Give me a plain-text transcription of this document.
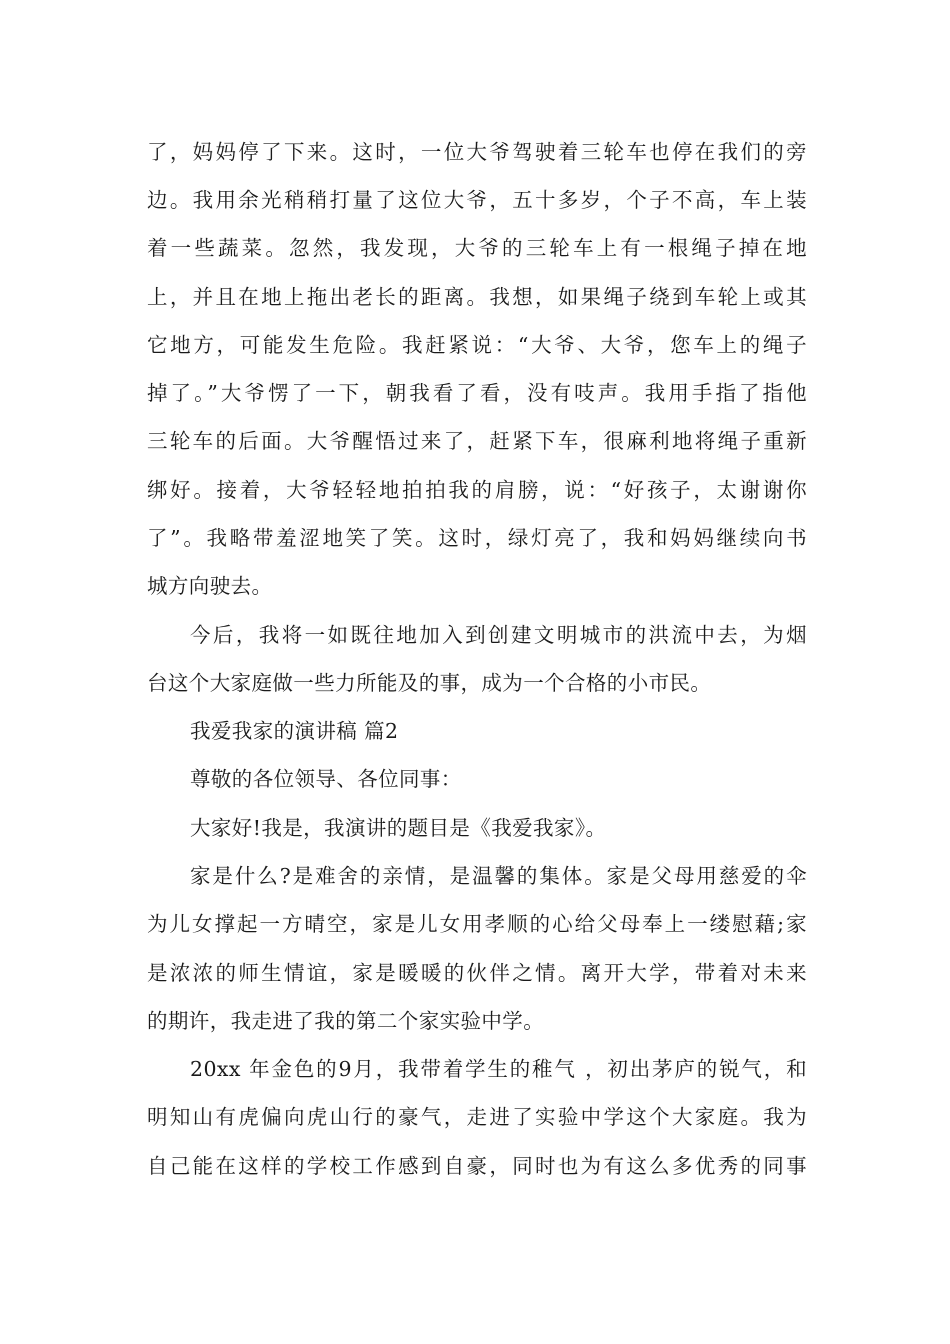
了，妈妈停了下来。这时，一位大爷驾驶着三轮车也停在我们的旁
边。我用余光稍稍打量了这位大爷，五十多岁，个子不高，车上装
着一些蔬菜。忽然，我发现，大爷的三轮车上有一根绳子掉在地
上，并且在地上拖出老长的距离。我想，如果绳子绕到车轮上或其
它地方，可能发生危险。我赶紧说：“大爷、大爷，您车上的绳子
掉了。”大爷愣了一下，朝我看了看，没有吱声。我用手指了指他
三轮车的后面。大爷醒悟过来了，赶紧下车，很麻利地将绳子重新
绑好。接着，大爷轻轻地拍拍我的肩膀，说：“好孩子，太谢谢你
了”。我略带羞涩地笑了笑。这时，绿灯亮了，我和妈妈继续向书
城方向驶去。
今后，我将一如既往地加入到创建文明城市的洪流中去，为烟
台这个大家庭做一些力所能及的事，成为一个合格的小市民。
我爱我家的演讲稿 篇2
尊敬的各位领导、各位同事：
大家好!我是，我演讲的题目是《我爱我家》。
家是什么?是难舍的亲情，是温馨的集体。家是父母用慈爱的伞
为儿女撑起一方晴空，家是儿女用孝顺的心给父母奉上一缕慰藉;家
是浓浓的师生情谊，家是暖暖的伙伴之情。离开大学，带着对未来
的期许，我走进了我的第二个家实验中学。
20xx 年金色的9月，我带着学生的稚气 ，初出茅庐的锐气，和
明知山有虎偏向虎山行的豪气，走进了实验中学这个大家庭。我为
自己能在这样的学校工作感到自豪，同时也为有这么多优秀的同事
